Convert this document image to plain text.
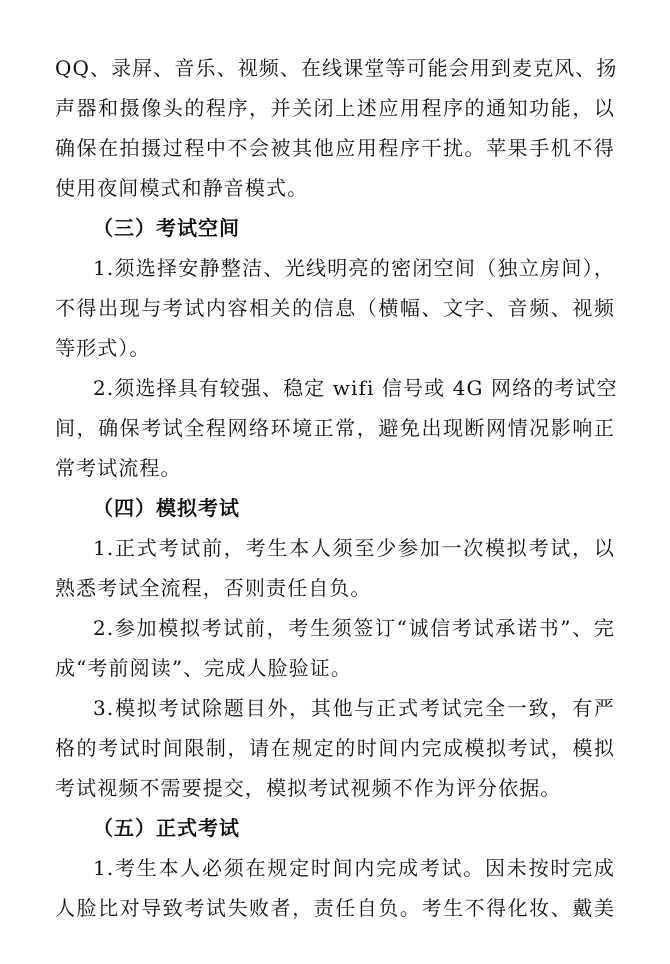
QQ、录屏、音乐、视频、在线课堂等可能会用到麦克风、扬
声器和摄像头的程序，并关闭上述应用程序的通知功能，以
确保在拍摄过程中不会被其他应用程序干扰。苹果手机不得
使用夜间模式和静音模式。
（三）考试空间
1.须选择安静整洁、光线明亮的密闭空间（独立房间），
不得出现与考试内容相关的信息（横幅、文字、音频、视频
等形式）。
2.须选择具有较强、稳定 wifi 信号或 4G 网络的考试空
间，确保考试全程网络环境正常，避免出现断网情况影响正
常考试流程。
（四）模拟考试
1.正式考试前，考生本人须至少参加一次模拟考试，以
熟悉考试全流程，否则责任自负。
2.参加模拟考试前，考生须签订“诚信考试承诺书”、完
成“考前阅读”、完成人脸验证。
3.模拟考试除题目外，其他与正式考试完全一致，有严
格的考试时间限制，请在规定的时间内完成模拟考试，模拟
考试视频不需要提交，模拟考试视频不作为评分依据。
（五）正式考试
1.考生本人必须在规定时间内完成考试。因未按时完成
人脸比对导致考试失败者，责任自负。考生不得化妆、戴美
